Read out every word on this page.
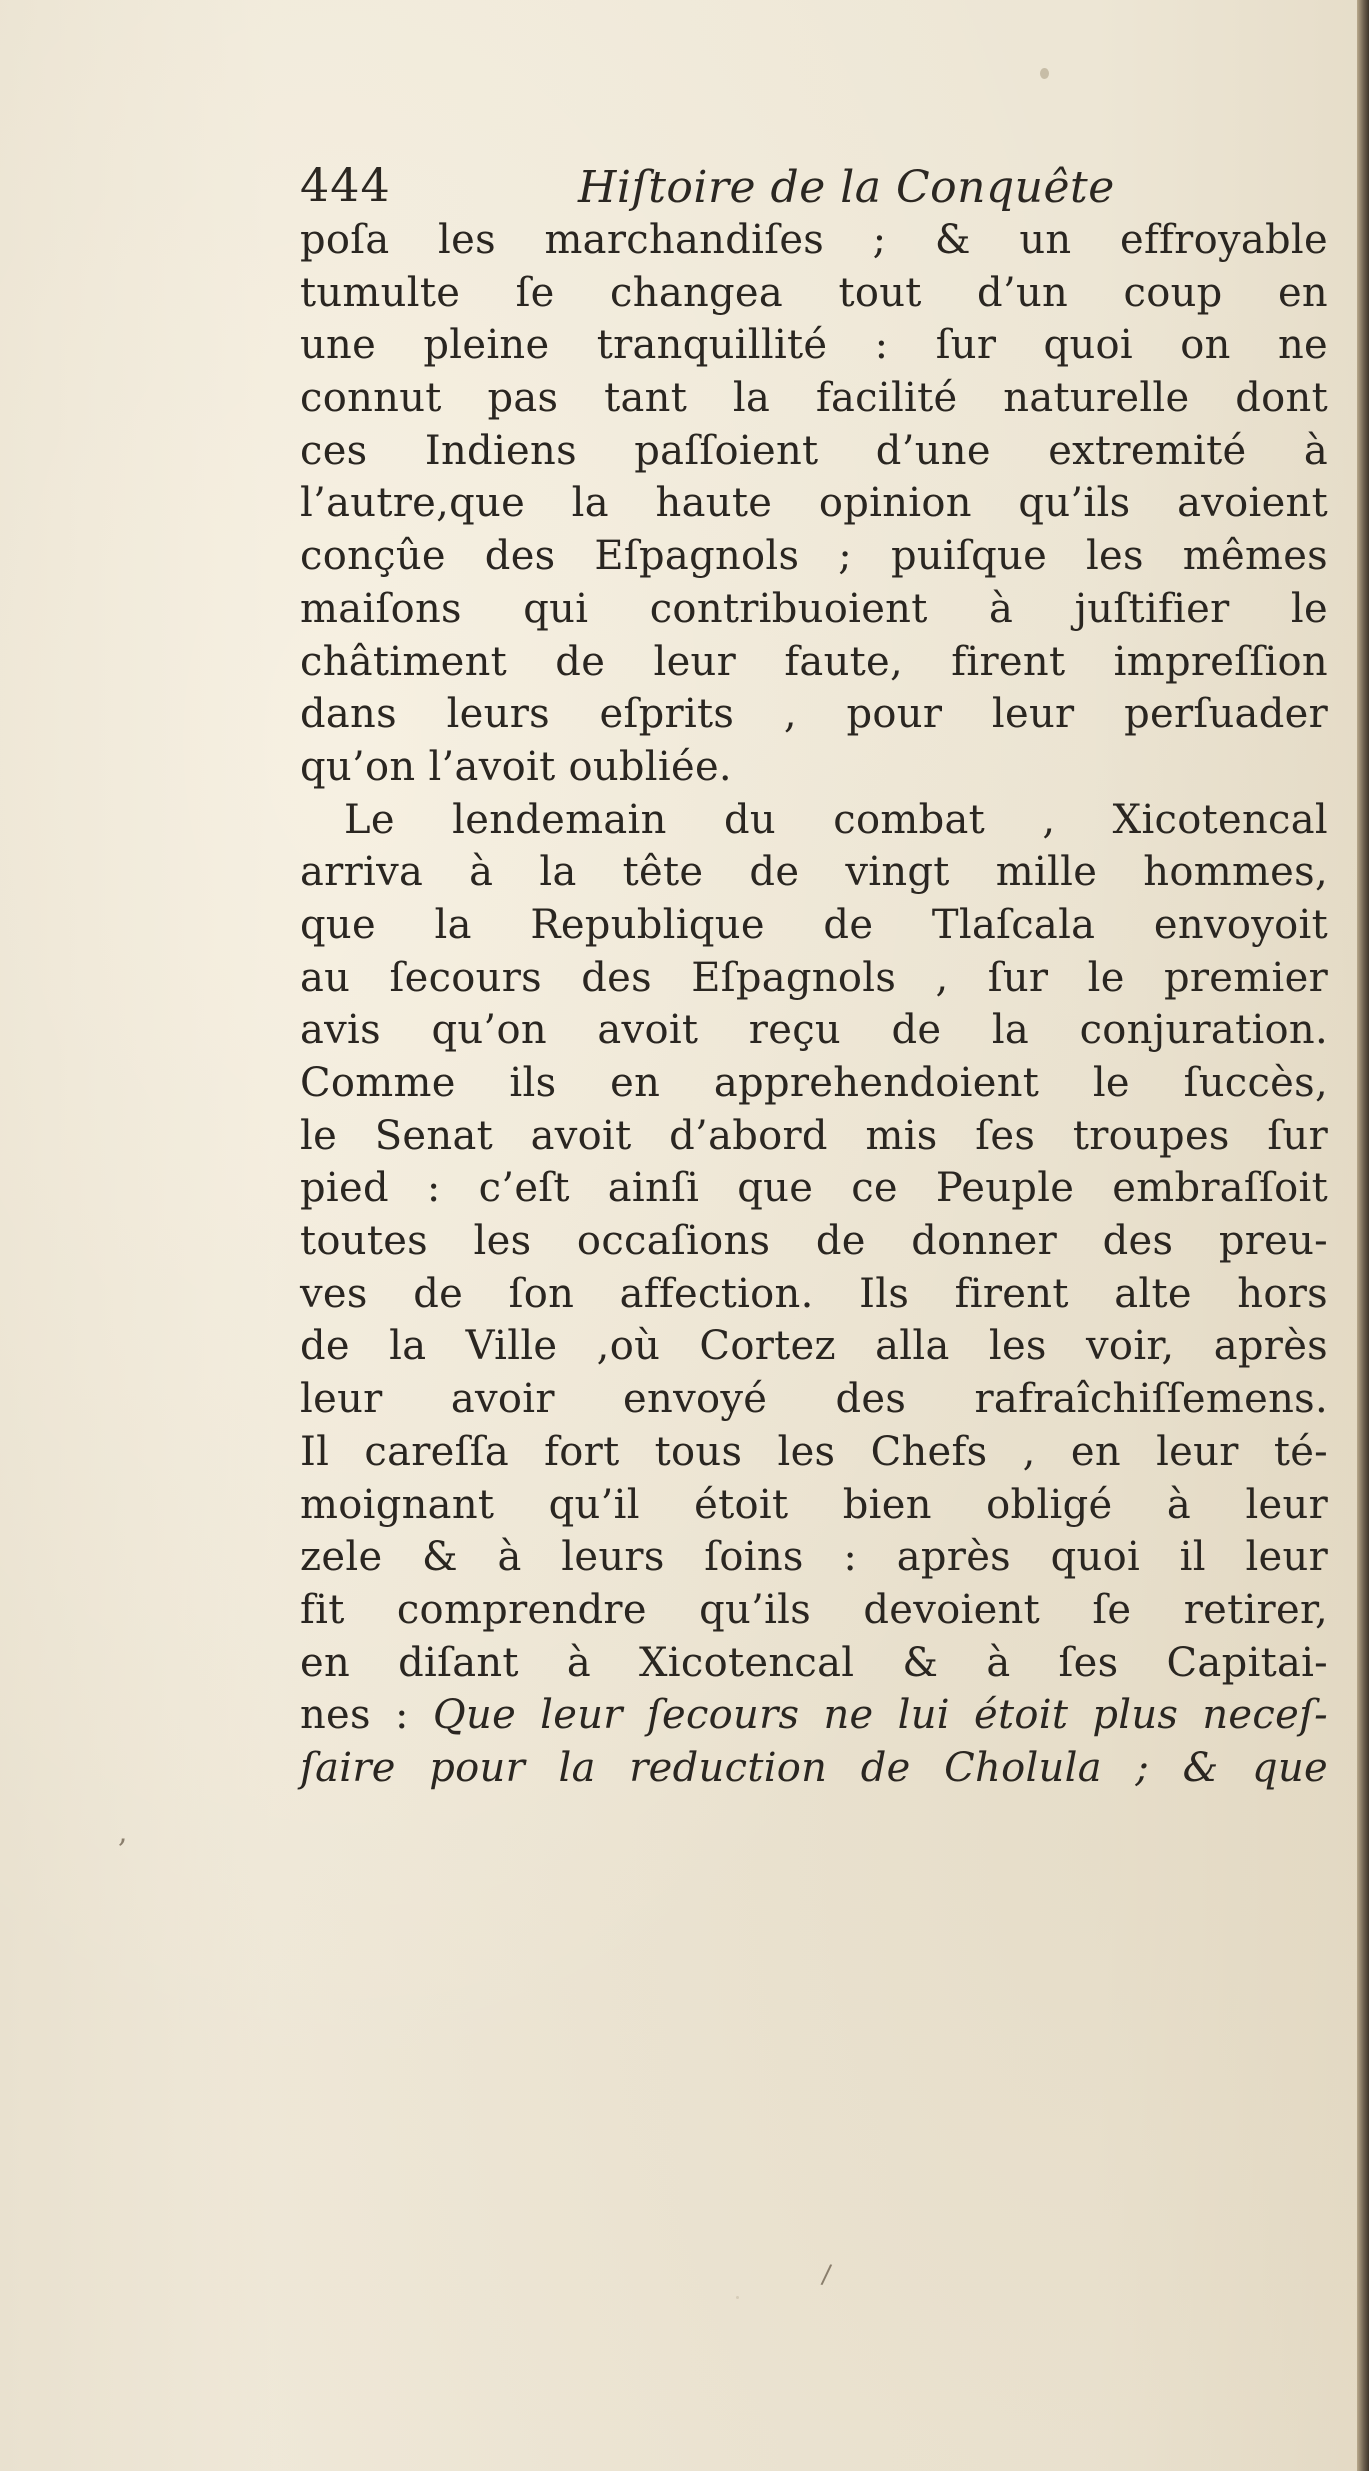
/
,
444	Hiſtoire de la Conquête
poſa les marchandiſes ; & un effroyable
tumulte ſe changea tout d’un coup en
une pleine tranquillité : ſur quoi on ne
connut pas tant la facilité naturelle dont
ces Indiens paſſoient d’une extremité à
l’autre,que la haute opinion qu’ils avoient
conçûe des Eſpagnols ; puiſque les mêmes
maiſons qui contribuoient à juſtifier le
châtiment de leur faute, firent impreſſion
dans leurs eſprits , pour leur perſuader
qu’on l’avoit oubliée.
Le lendemain du combat , Xicotencal
arriva à la tête de vingt mille hommes,
que la Republique de Tlaſcala envoyoit
au ſecours des Eſpagnols , ſur le premier
avis qu’on avoit reçu de la conjuration.
Comme ils en apprehendoient le ſuccès,
le Senat avoit d’abord mis ſes troupes ſur
pied : c’eſt ainſi que ce Peuple embraſſoit
toutes les occaſions de donner des preu-
ves de ſon affection. Ils firent alte hors
de la Ville ,où Cortez alla les voir, après
leur avoir envoyé des rafraîchiſſemens.
Il careſſa fort tous les Chefs , en leur té-
moignant qu’il étoit bien obligé à leur
zele & à leurs ſoins : après quoi il leur
fit comprendre qu’ils devoient ſe retirer,
en diſant à Xicotencal & à ſes Capitai-
nes : Que leur ſecours ne lui étoit plus neceſ-
ſaire pour la reduction de Cholula ; & que
